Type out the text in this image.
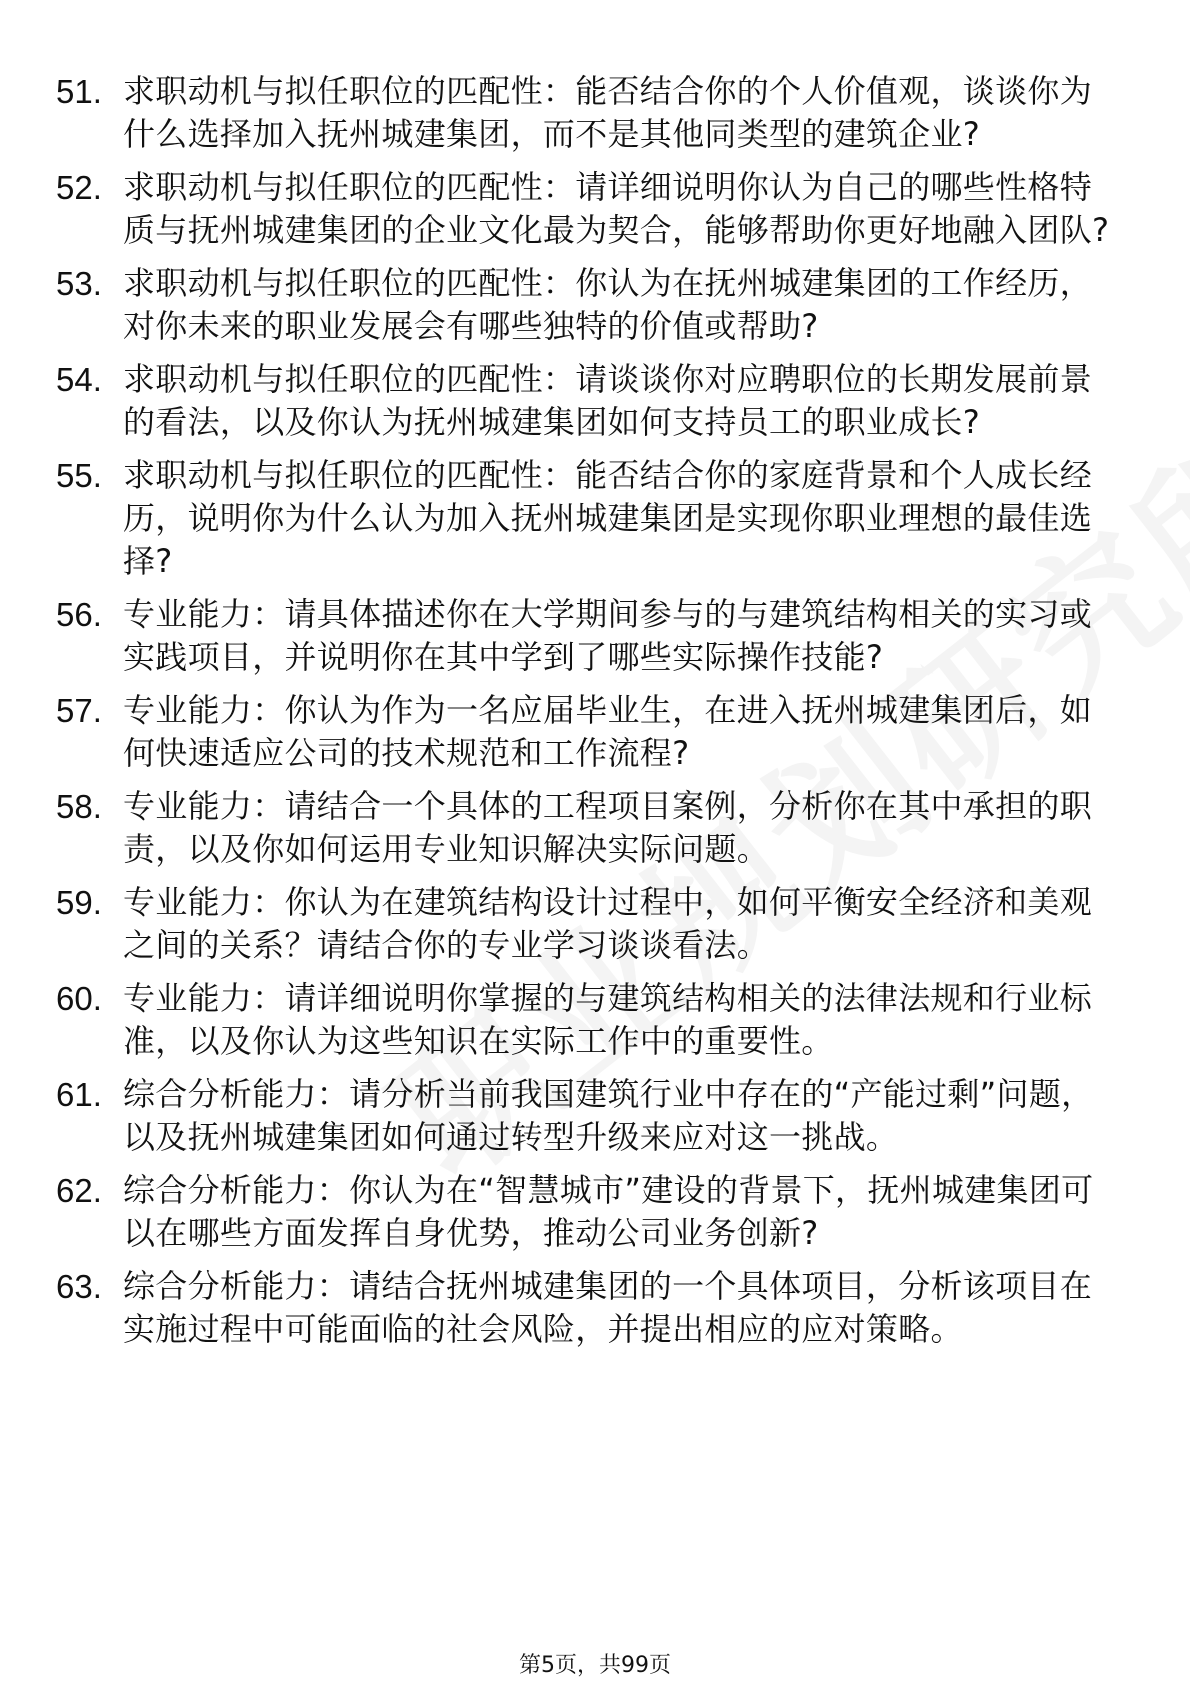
51. 求职动机与拟任职位的匹配性：能否结合你的个人价值观，谈谈你为什么选择加入抚州城建集团，而不是其他同类型的建筑企业?
52. 求职动机与拟任职位的匹配性：请详细说明你认为自己的哪些性格特质与抚州城建集团的企业文化最为契合，能够帮助你更好地融入团队?
53. 求职动机与拟任职位的匹配性：你认为在抚州城建集团的工作经历，对你未来的职业发展会有哪些独特的价值或帮助?
54. 求职动机与拟任职位的匹配性：请谈谈你对应聘职位的长期发展前景的看法，以及你认为抚州城建集团如何支持员工的职业成长?
55. 求职动机与拟任职位的匹配性：能否结合你的家庭背景和个人成长经历，说明你为什么认为加入抚州城建集团是实现你职业理想的最佳选择?
56. 专业能力：请具体描述你在大学期间参与的与建筑结构相关的实习或实践项目，并说明你在其中学到了哪些实际操作技能?
57. 专业能力：你认为作为一名应届毕业生，在进入抚州城建集团后，如何快速适应公司的技术规范和工作流程?
58. 专业能力：请结合一个具体的工程项目案例，分析你在其中承担的职责，以及你如何运用专业知识解决实际问题。
59. 专业能力：你认为在建筑结构设计过程中，如何平衡安全经济和美观之间的关系？请结合你的专业学习谈谈看法。
60. 专业能力：请详细说明你掌握的与建筑结构相关的法律法规和行业标准，以及你认为这些知识在实际工作中的重要性。
61. 综合分析能力：请分析当前我国建筑行业中存在的“产能过剩”问题，以及抚州城建集团如何通过转型升级来应对这一挑战。
62. 综合分析能力：你认为在“智慧城市”建设的背景下，抚州城建集团可以在哪些方面发挥自身优势，推动公司业务创新?
63. 综合分析能力：请结合抚州城建集团的一个具体项目，分析该项目在实施过程中可能面临的社会风险，并提出相应的应对策略。
第5页，共99页
